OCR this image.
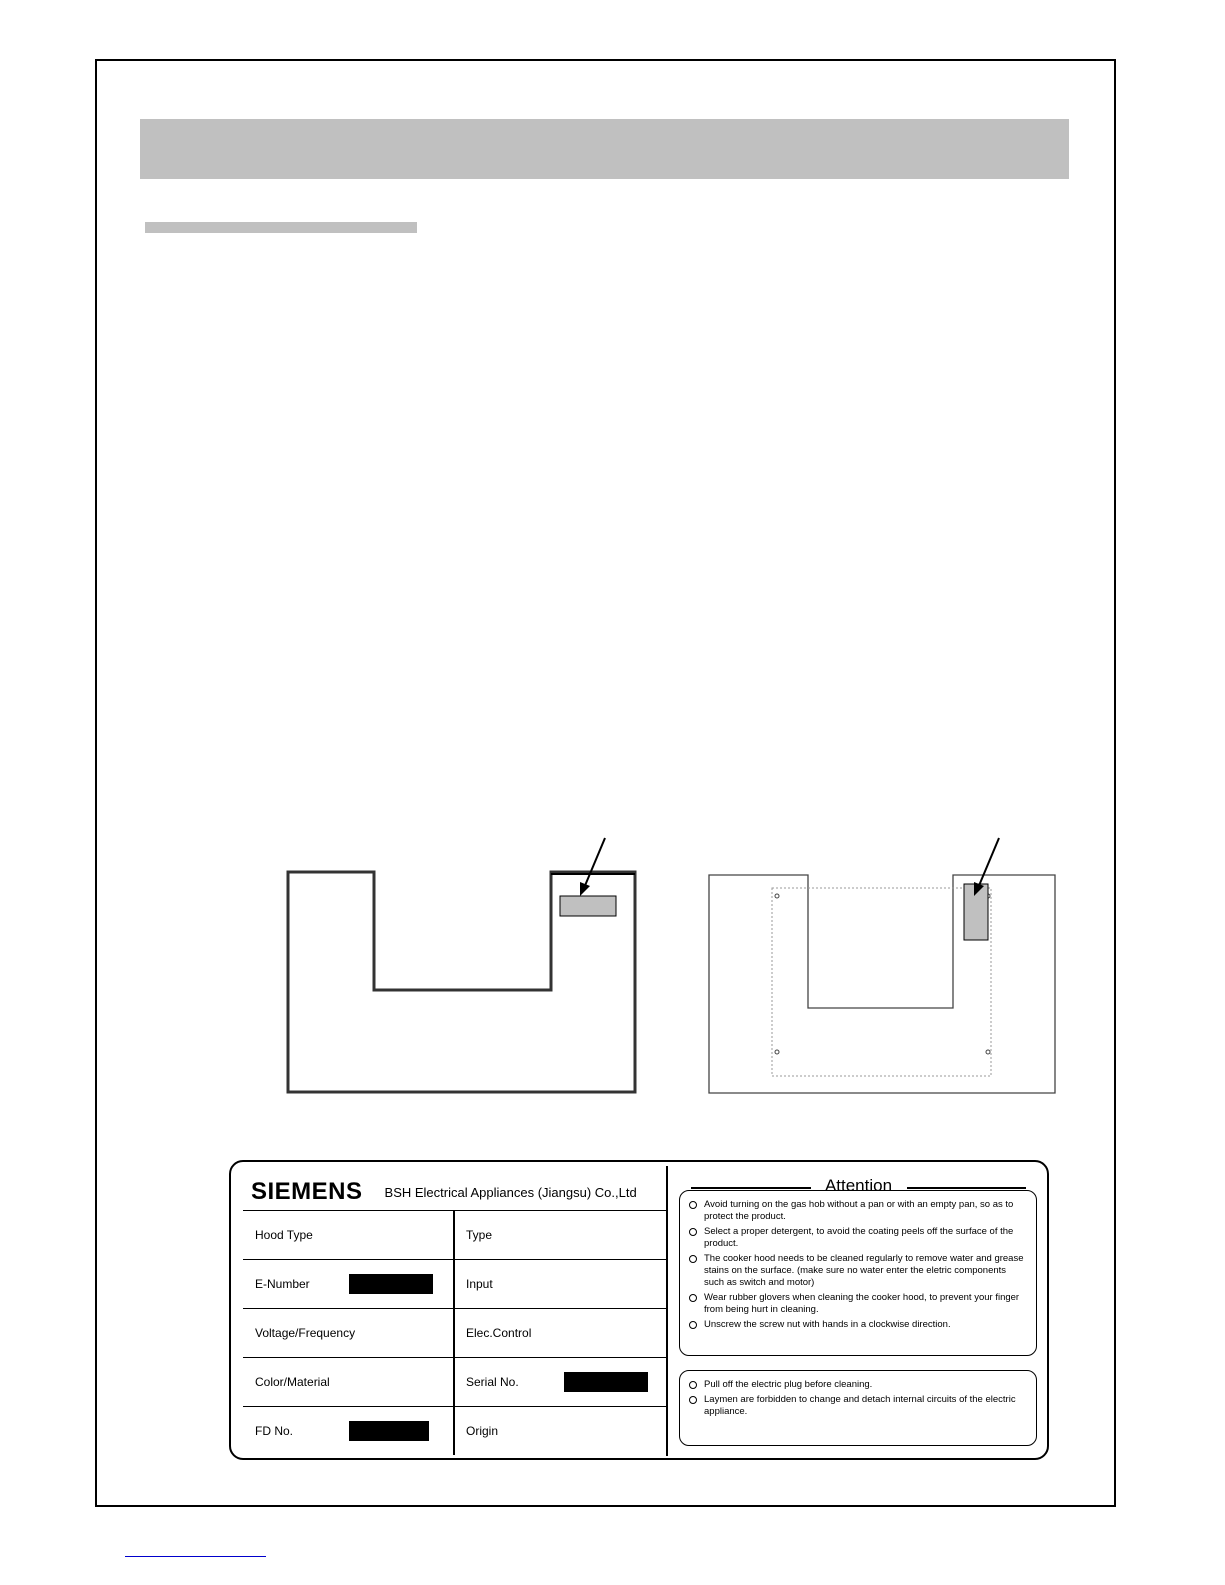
SIEMENS BSH Electrical Appliances (Jiangsu) Co.,Ltd
Hood Type	Type
E-Number	Input
Voltage/Frequency	Elec.Control
Color/Material	Serial No.
FD No.	Origin
Attention
Avoid turning on the gas hob without a pan or with an empty pan, so as to protect the product.
Select a proper detergent, to avoid the coating peels off the surface of the product.
The cooker hood needs to be cleaned regularly to remove water and grease stains on the surface. (make sure no water enter the eletric components such as switch and motor)
Wear rubber glovers when cleaning the cooker hood, to prevent your finger from being hurt in cleaning.
Unscrew the screw nut with hands in a clockwise direction.
Pull off the electric plug before cleaning.
Laymen are forbidden to change and detach internal circuits of the electric appliance.
